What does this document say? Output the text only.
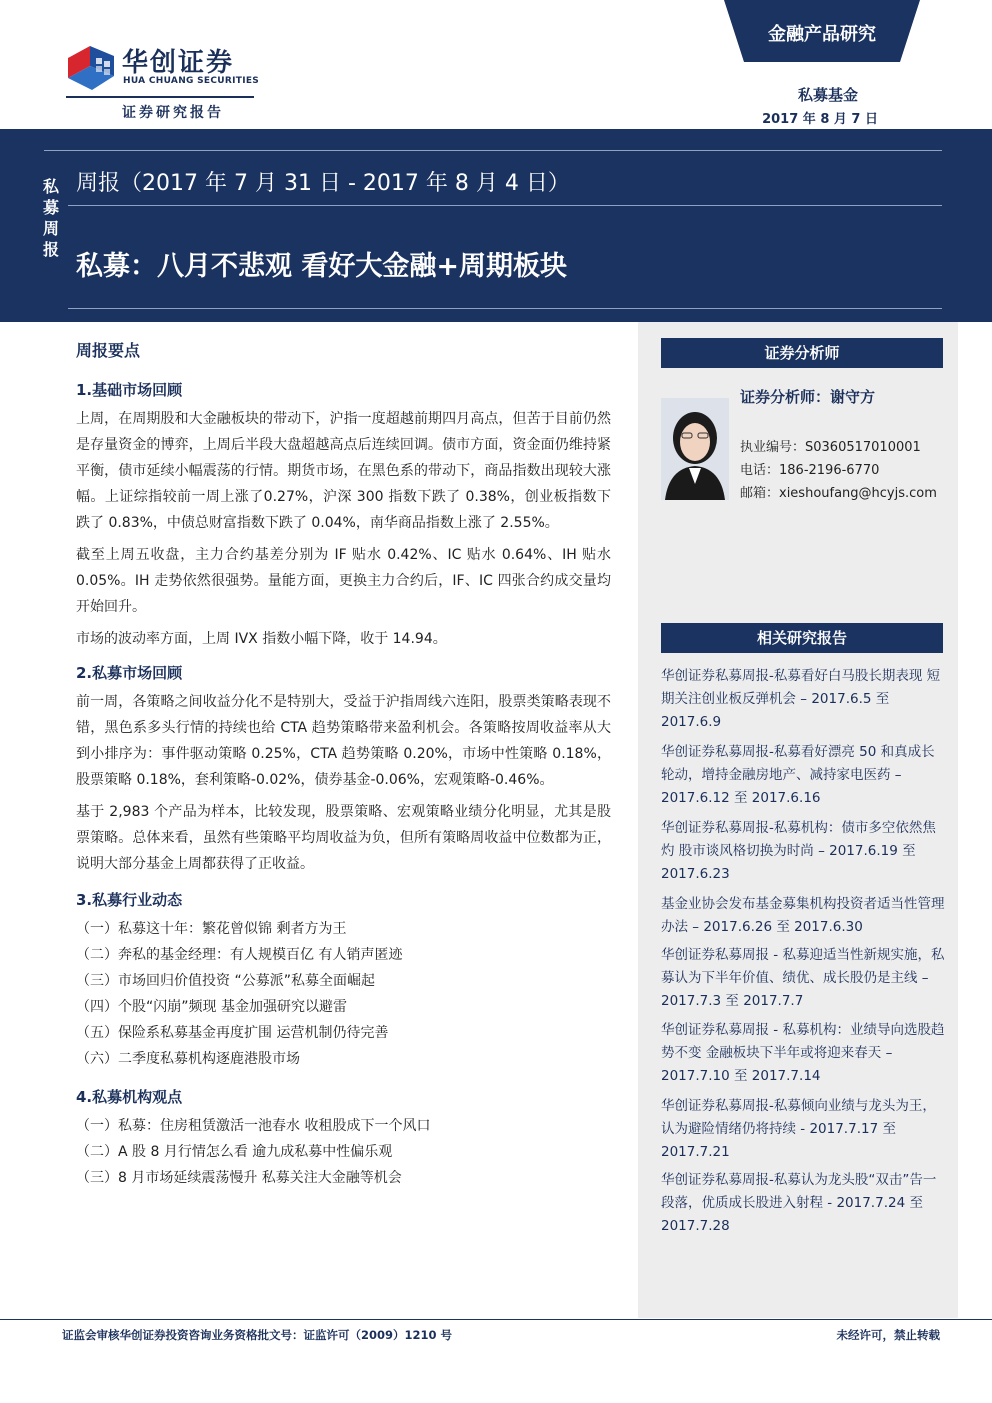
华创证券
HUA CHUANG SECURITIES
证券研究报告
金融产品研究
私募基金
2017 年 8 月 7 日
私
募
周
报
周报（2017 年 7 月 31 日 - 2017 年 8 月 4 日）
私募：八月不悲观 看好大金融+周期板块
证券分析师
证券分析师：谢守方
执业编号：S0360517010001
电话：186-2196-6770
邮箱：xieshoufang@hcyjs.com
相关研究报告
华创证券私募周报-私募看好白马股长期表现 短期关注创业板反弹机会 – 2017.6.5 至 2017.6.9
华创证券私募周报-私募看好漂亮 50 和真成长轮动，增持金融房地产、减持家电医药 –2017.6.12 至 2017.6.16
华创证券私募周报-私募机构：债市多空依然焦灼 股市谈风格切换为时尚 – 2017.6.19 至 2017.6.23
基金业协会发布基金募集机构投资者适当性管理办法 – 2017.6.26 至 2017.6.30
华创证券私募周报 - 私募迎适当性新规实施，私募认为下半年价值、绩优、成长股仍是主线 – 2017.7.3 至 2017.7.7
华创证券私募周报 - 私募机构：业绩导向选股趋势不变 金融板块下半年或将迎来春天 – 2017.7.10 至 2017.7.14
华创证券私募周报-私募倾向业绩与龙头为王，认为避险情绪仍将持续 - 2017.7.17 至 2017.7.21
华创证券私募周报-私募认为龙头股“双击”告一段落，优质成长股进入射程 - 2017.7.24 至 2017.7.28
周报要点
1.基础市场回顾

上周，在周期股和大金融板块的带动下，沪指一度超越前期四月高点，但苦于目前仍然是存量资金的博弈，上周后半段大盘超越高点后连续回调。债市方面，资金面仍维持紧平衡，债市延续小幅震荡的行情。期货市场，在黑色系的带动下，商品指数出现较大涨幅。上证综指较前一周上涨了0.27%，沪深 300 指数下跌了 0.38%，创业板指数下跌了 0.83%，中债总财富指数下跌了 0.04%，南华商品指数上涨了 2.55%。

截至上周五收盘，主力合约基差分别为 IF 贴水 0.42%、IC 贴水 0.64%、IH 贴水 0.05%。IH 走势依然很强势。量能方面，更换主力合约后，IF、IC 四张合约成交量均开始回升。

市场的波动率方面，上周 IVX 指数小幅下降，收于 14.94。

2.私募市场回顾

前一周，各策略之间收益分化不是特别大，受益于沪指周线六连阳，股票类策略表现不错，黑色系多头行情的持续也给 CTA 趋势策略带来盈利机会。各策略按周收益率从大到小排序为：事件驱动策略 0.25%，CTA 趋势策略 0.20%，市场中性策略 0.18%，股票策略 0.18%，套利策略-0.02%，债券基金-0.06%，宏观策略-0.46%。

基于 2,983 个产品为样本，比较发现，股票策略、宏观策略业绩分化明显，尤其是股票策略。总体来看，虽然有些策略平均周收益为负，但所有策略周收益中位数都为正，说明大部分基金上周都获得了正收益。

3.私募行业动态
（一）私募这十年：繁花曾似锦 剩者方为王
（二）奔私的基金经理：有人规模百亿 有人销声匿迹
（三）市场回归价值投资 “公募派”私募全面崛起
（四）个股“闪崩”频现 基金加强研究以避雷
（五）保险系私募基金再度扩围 运营机制仍待完善
（六）二季度私募机构逐鹿港股市场
4.私募机构观点
（一）私募：住房租赁激活一池春水 收租股成下一个风口
（二）A 股 8 月行情怎么看 逾九成私募中性偏乐观
（三）8 月市场延续震荡慢升 私募关注大金融等机会
证监会审核华创证券投资咨询业务资格批文号：证监许可（2009）1210 号	未经许可，禁止转载
